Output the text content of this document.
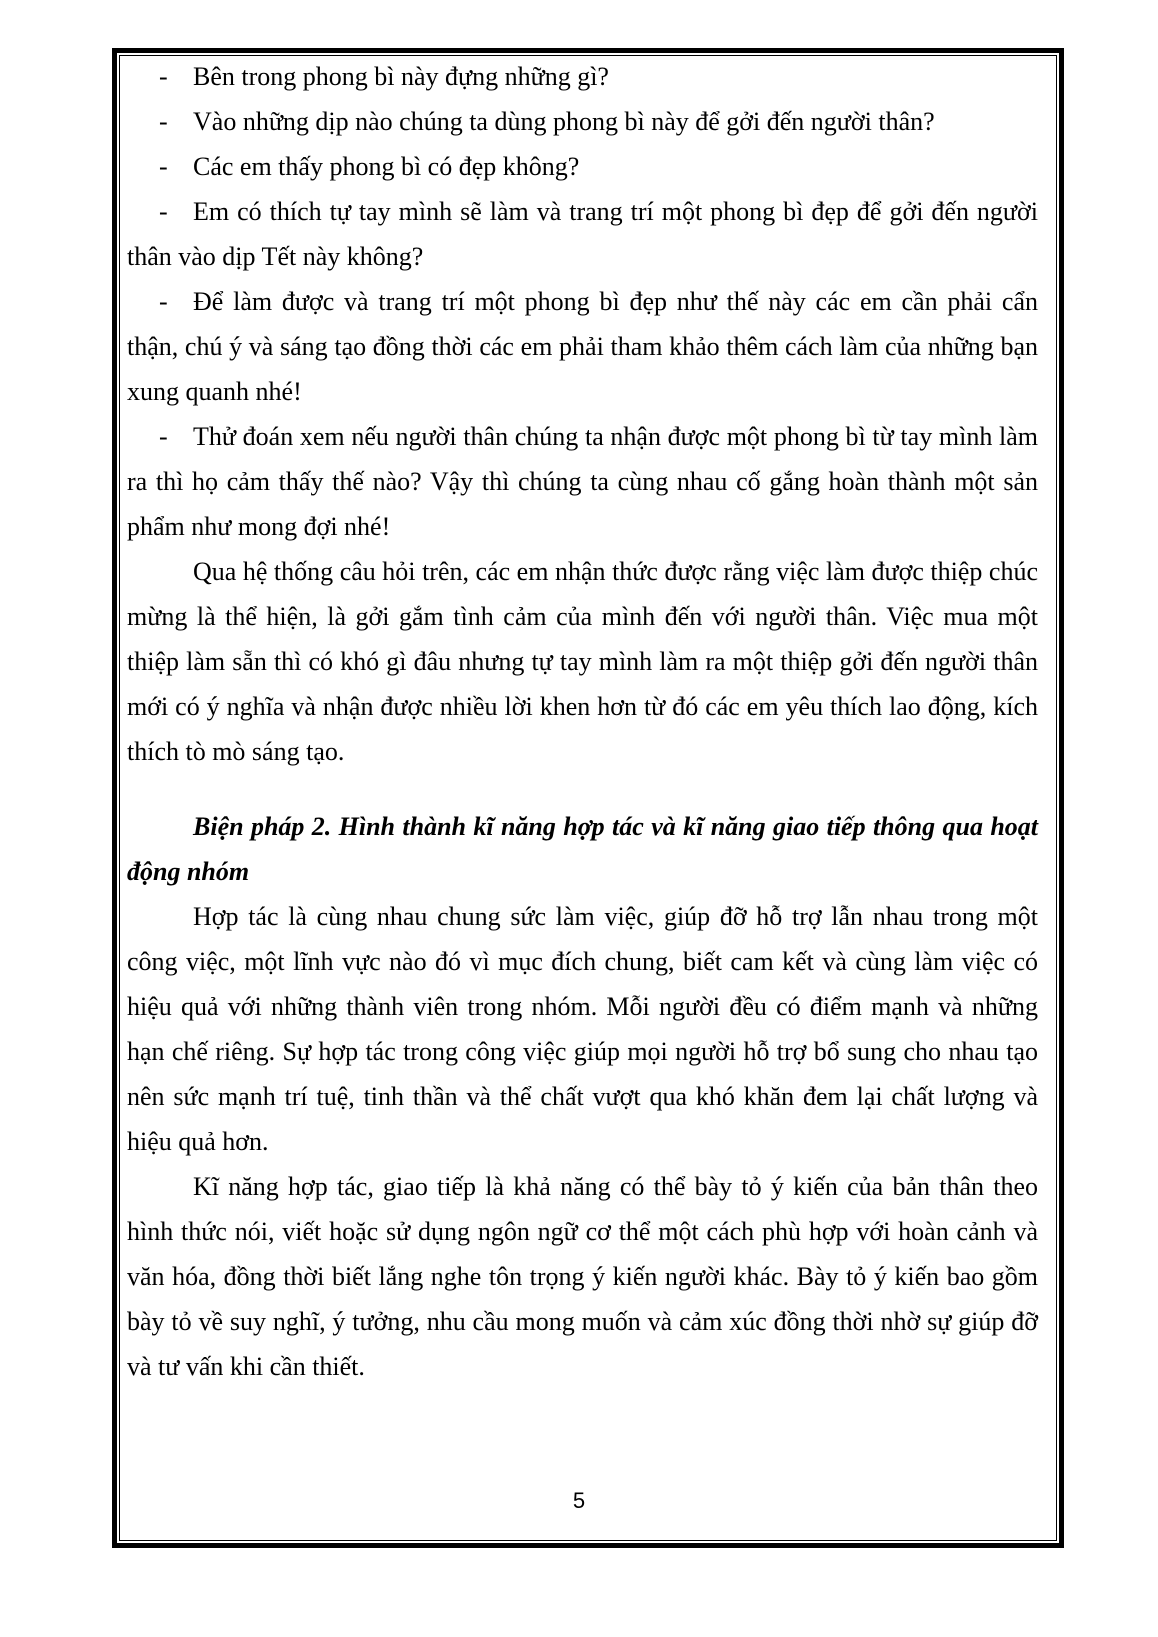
- Bên trong phong bì này đựng những gì?

- Vào những dịp nào chúng ta dùng phong bì này để gởi đến người thân?

- Các em thấy phong bì có đẹp không?

- Em có thích tự tay mình sẽ làm và trang trí một phong bì đẹp để gởi đến người thân vào dịp Tết này không?

- Để làm được và trang trí một phong bì đẹp như thế này các em cần phải cẩn thận, chú ý và sáng tạo đồng thời các em phải tham khảo thêm cách làm của những bạn xung quanh nhé!

- Thử đoán xem nếu người thân chúng ta nhận được một phong bì từ tay mình làm ra thì họ cảm thấy thế nào? Vậy thì chúng ta cùng nhau cố gắng hoàn thành một sản phẩm như mong đợi nhé!

Qua hệ thống câu hỏi trên, các em nhận thức được rằng việc làm được thiệp chúc mừng là thể hiện, là gởi gắm tình cảm của mình đến với người thân. Việc mua một thiệp làm sẵn thì có khó gì đâu nhưng tự tay mình làm ra một thiệp gởi đến người thân mới có ý nghĩa và nhận được nhiều lời khen hơn từ đó các em yêu thích lao động, kích thích tò mò sáng tạo.

Biện pháp 2. Hình thành kĩ năng hợp tác và kĩ năng giao tiếp thông qua hoạt động nhóm

Hợp tác là cùng nhau chung sức làm việc, giúp đỡ hỗ trợ lẫn nhau trong một công việc, một lĩnh vực nào đó vì mục đích chung, biết cam kết và cùng làm việc có hiệu quả với những thành viên trong nhóm. Mỗi người đều có điểm mạnh và những hạn chế riêng. Sự hợp tác trong công việc giúp mọi người hỗ trợ bổ sung cho nhau tạo nên sức mạnh trí tuệ, tinh thần và thể chất vượt qua khó khăn đem lại chất lượng và hiệu quả hơn.

Kĩ năng hợp tác, giao tiếp là khả năng có thể bày tỏ ý kiến của bản thân theo hình thức nói, viết hoặc sử dụng ngôn ngữ cơ thể một cách phù hợp với hoàn cảnh và văn hóa, đồng thời biết lắng nghe tôn trọng ý kiến người khác. Bày tỏ ý kiến bao gồm bày tỏ về suy nghĩ, ý tưởng, nhu cầu mong muốn và cảm xúc đồng thời nhờ sự giúp đỡ và tư vấn khi cần thiết.

5
